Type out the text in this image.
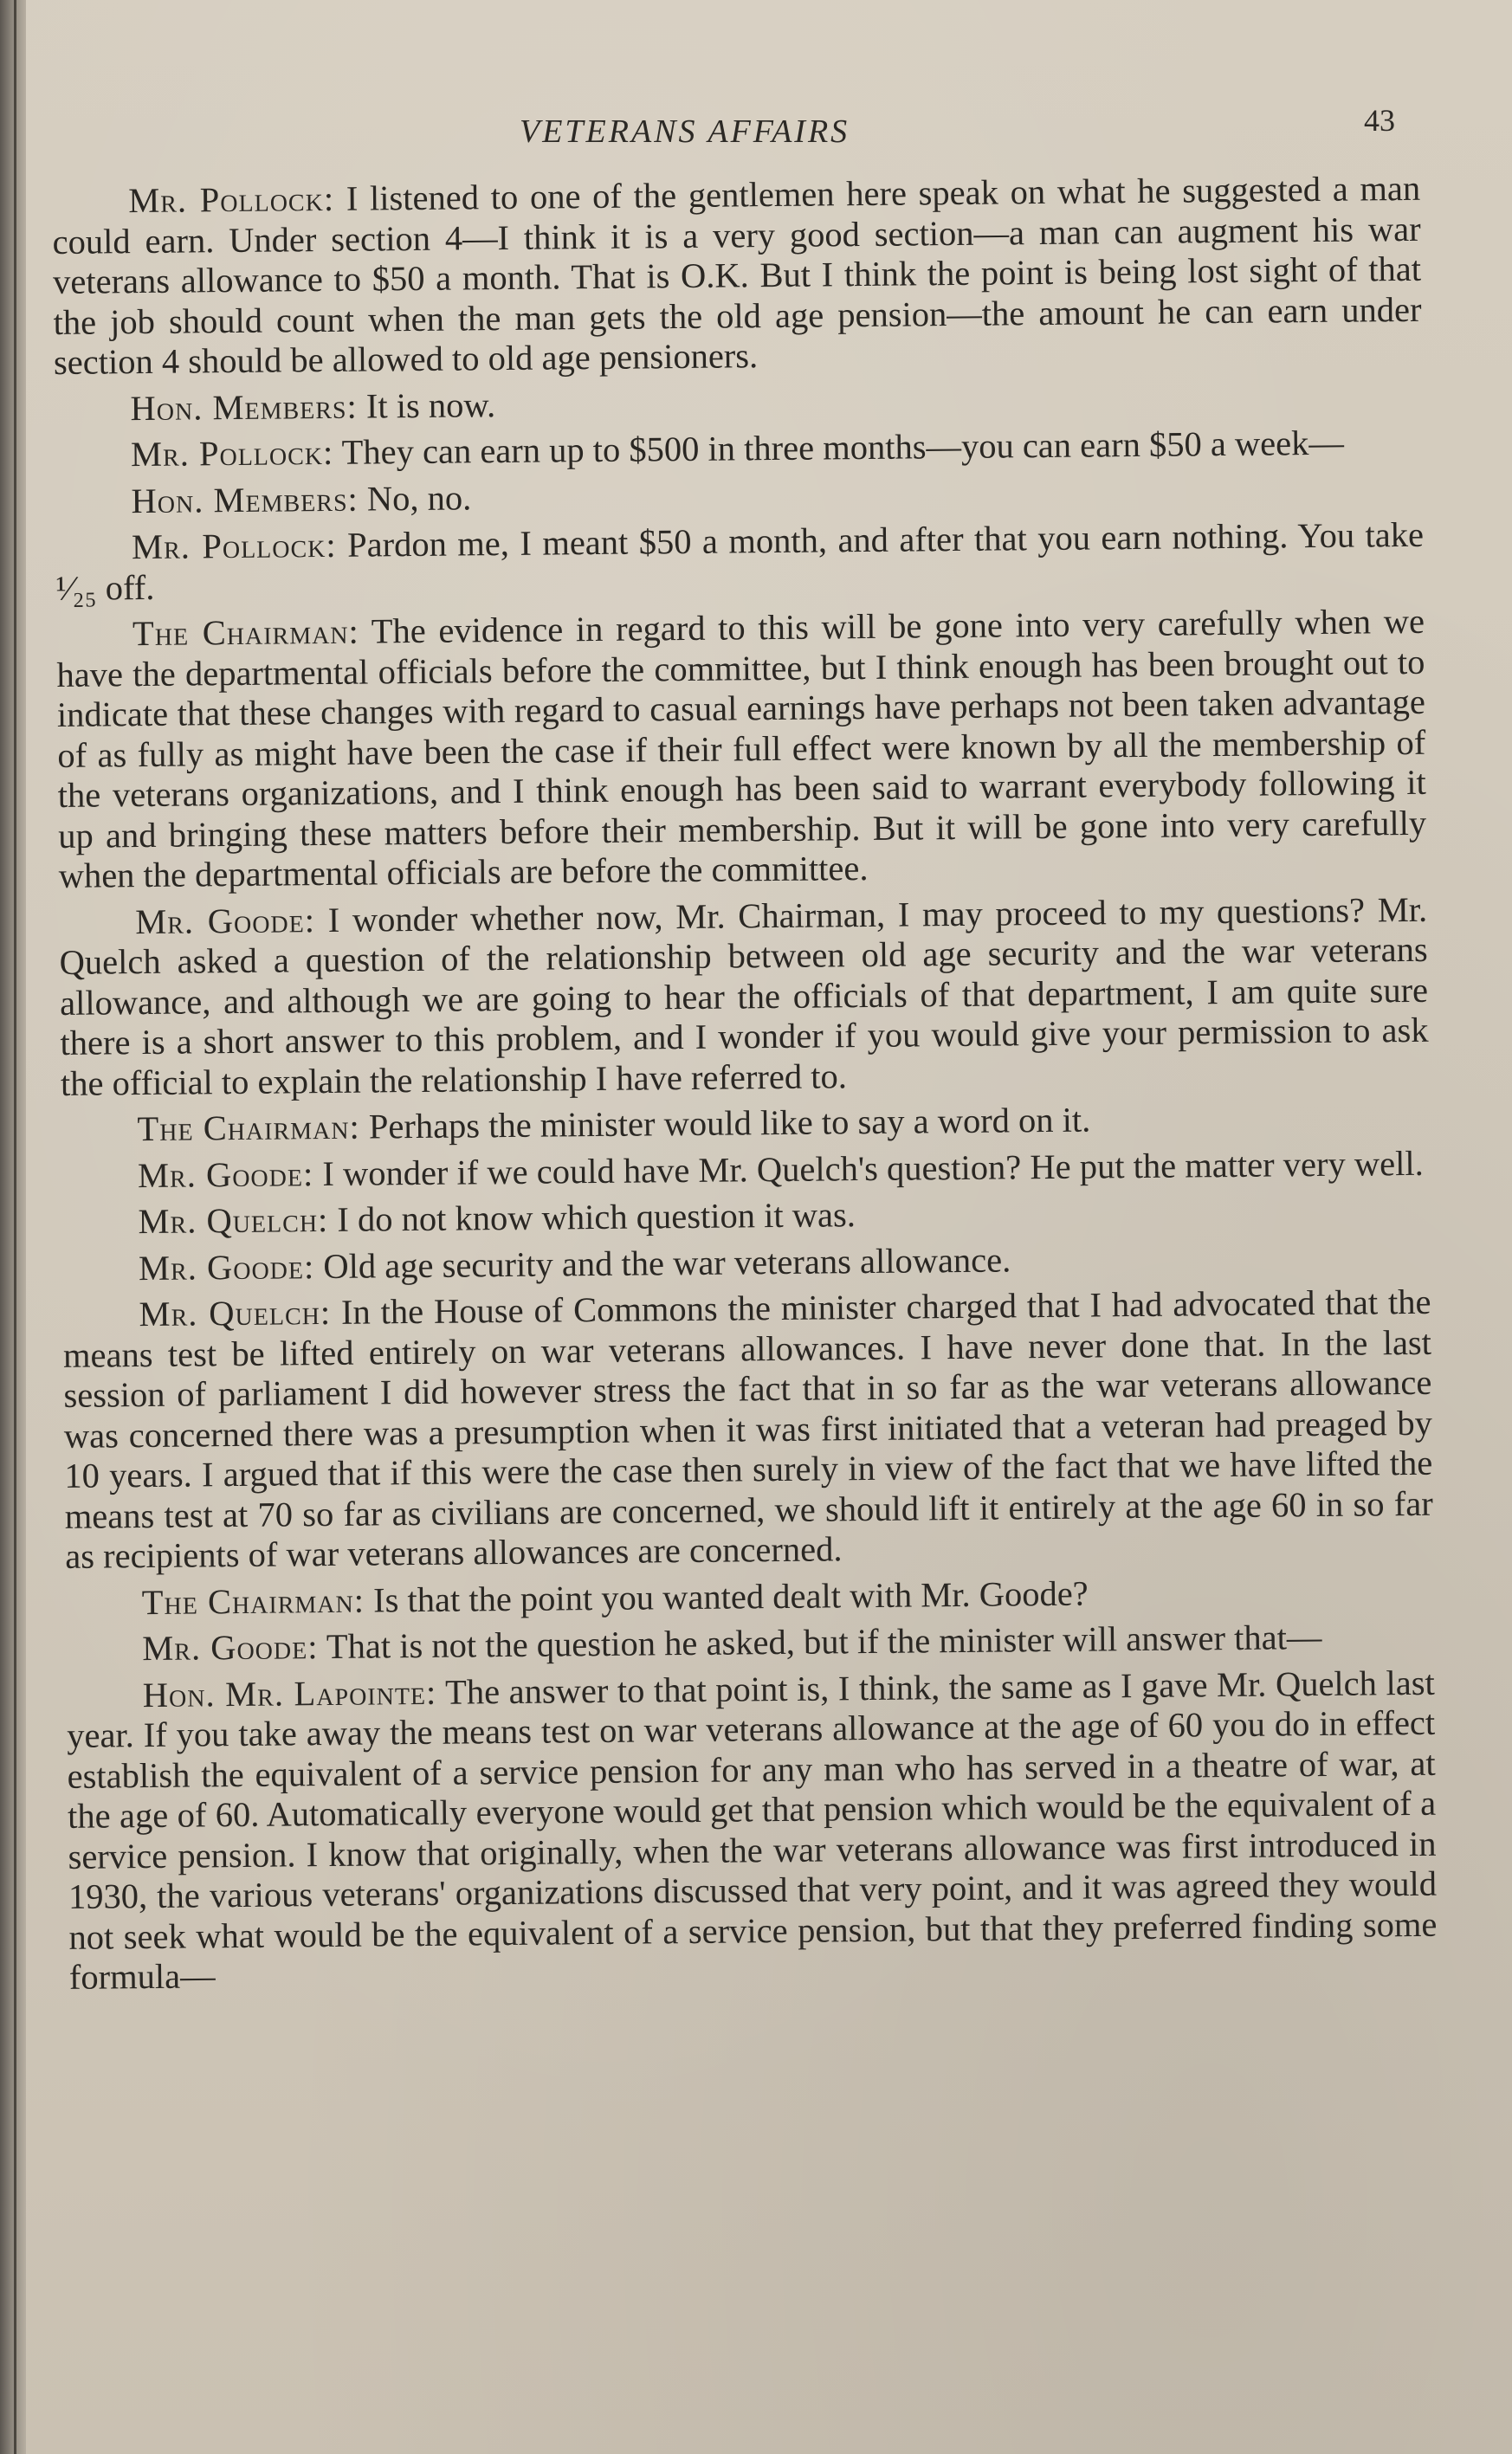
VETERANS AFFAIRS	43

Mr. Pollock: I listened to one of the gentlemen here speak on what he suggested a man could earn. Under section 4—I think it is a very good section—a man can augment his war veterans allowance to $50 a month. That is O.K. But I think the point is being lost sight of that the job should count when the man gets the old age pension—the amount he can earn under section 4 should be allowed to old age pensioners.

Hon. Members: It is now.

Mr. Pollock: They can earn up to $500 in three months—you can earn $50 a week—

Hon. Members: No, no.

Mr. Pollock: Pardon me, I meant $50 a month, and after that you earn nothing. You take ¹⁄₂₅ off.

The Chairman: The evidence in regard to this will be gone into very carefully when we have the departmental officials before the committee, but I think enough has been brought out to indicate that these changes with regard to casual earnings have perhaps not been taken advantage of as fully as might have been the case if their full effect were known by all the membership of the veterans organizations, and I think enough has been said to warrant everybody following it up and bringing these matters before their membership. But it will be gone into very carefully when the departmental officials are before the committee.

Mr. Goode: I wonder whether now, Mr. Chairman, I may proceed to my questions? Mr. Quelch asked a question of the relationship between old age security and the war veterans allowance, and although we are going to hear the officials of that department, I am quite sure there is a short answer to this problem, and I wonder if you would give your permission to ask the official to explain the relationship I have referred to.

The Chairman: Perhaps the minister would like to say a word on it.

Mr. Goode: I wonder if we could have Mr. Quelch's question? He put the matter very well.

Mr. Quelch: I do not know which question it was.

Mr. Goode: Old age security and the war veterans allowance.

Mr. Quelch: In the House of Commons the minister charged that I had advocated that the means test be lifted entirely on war veterans allowances. I have never done that. In the last session of parliament I did however stress the fact that in so far as the war veterans allowance was concerned there was a presumption when it was first initiated that a veteran had preaged by 10 years. I argued that if this were the case then surely in view of the fact that we have lifted the means test at 70 so far as civilians are concerned, we should lift it entirely at the age 60 in so far as recipients of war veterans allowances are concerned.

The Chairman: Is that the point you wanted dealt with Mr. Goode?

Mr. Goode: That is not the question he asked, but if the minister will answer that—

Hon. Mr. Lapointe: The answer to that point is, I think, the same as I gave Mr. Quelch last year. If you take away the means test on war veterans allowance at the age of 60 you do in effect establish the equivalent of a service pension for any man who has served in a theatre of war, at the age of 60. Automatically everyone would get that pension which would be the equivalent of a service pension. I know that originally, when the war veterans allowance was first introduced in 1930, the various veterans' organizations discussed that very point, and it was agreed they would not seek what would be the equivalent of a service pension, but that they preferred finding some formula—
